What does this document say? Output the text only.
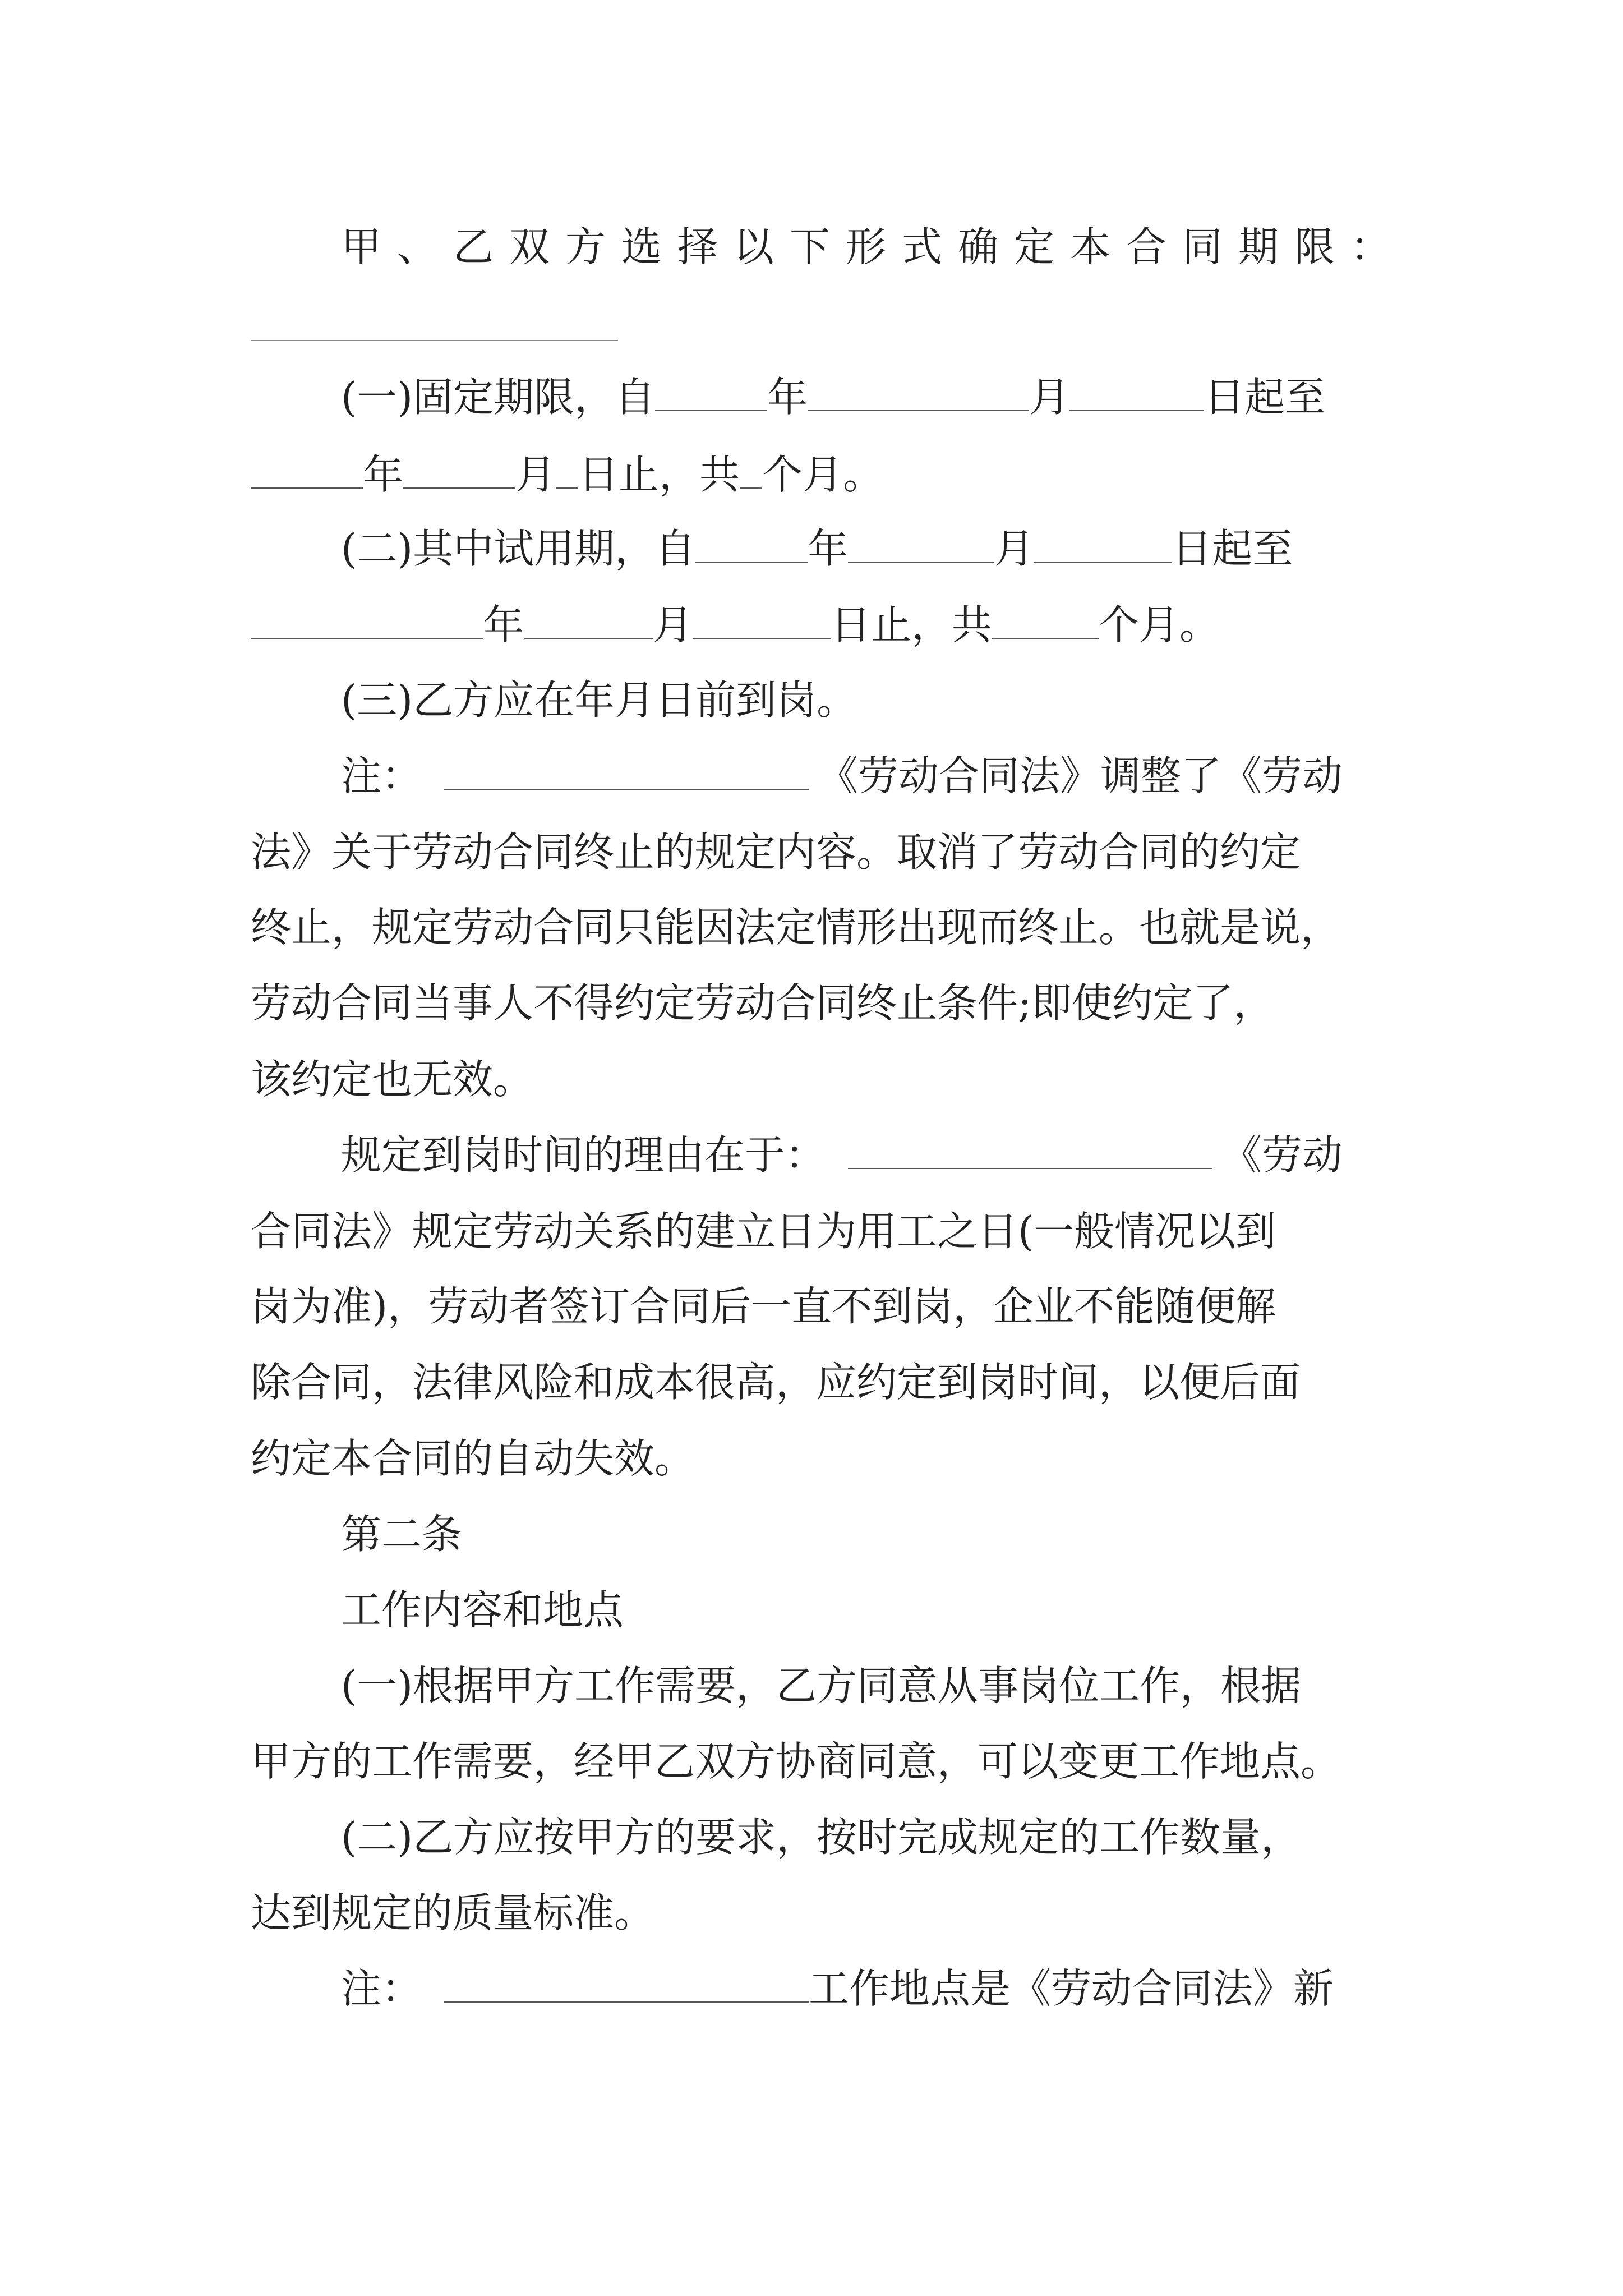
甲、乙双方选择以下形式确定本合同期限：
(一)固定期限，自	年	月	日起至
年	月 日止，共 个月。
(二)其中试用期，自	年	月	日起至
年	月	日止，共	个月。
(三)乙方应在年月日前到岗。
注：	《劳动合同法》调整了《劳动
法》关于劳动合同终止的规定内容。取消了劳动合同的约定
终止，规定劳动合同只能因法定情形出现而终止。也就是说，
劳动合同当事人不得约定劳动合同终止条件;即使约定了，
该约定也无效。
规定到岗时间的理由在于：	《劳动
合同法》规定劳动关系的建立日为用工之日(一般情况以到
岗为准)，劳动者签订合同后一直不到岗，企业不能随便解
除合同，法律风险和成本很高，应约定到岗时间，以便后面
约定本合同的自动失效。
第二条
工作内容和地点
(一)根据甲方工作需要，乙方同意从事岗位工作，根据
甲方的工作需要，经甲乙双方协商同意，可以变更工作地点。
(二)乙方应按甲方的要求，按时完成规定的工作数量，
达到规定的质量标准。
注：	工作地点是《劳动合同法》新
